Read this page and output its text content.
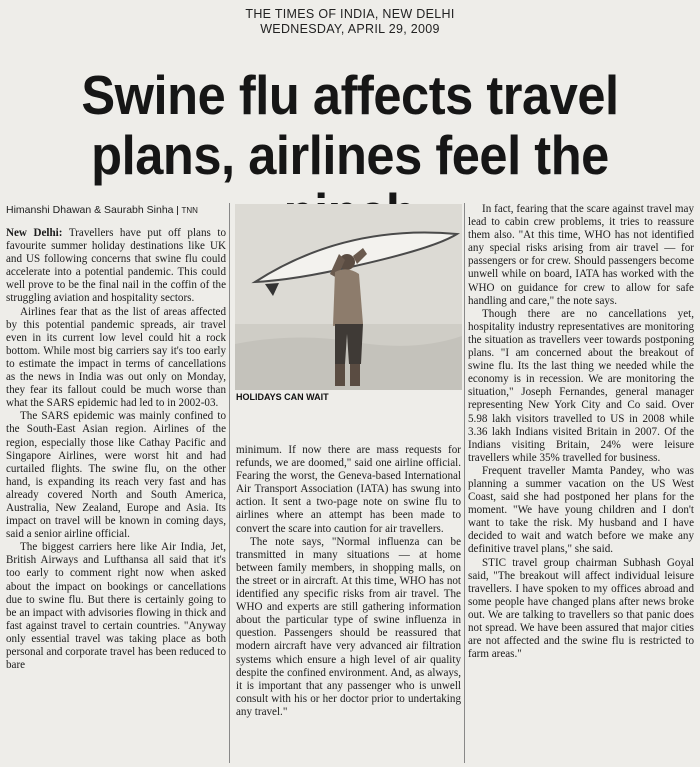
THE TIMES OF INDIA, NEW DELHI
WEDNESDAY, APRIL 29, 2009
Swine flu affects travel
plans, airlines feel the
Himanshi Dhawan & Saurabh Sinha TNN

New Delhi: Travellers have put off plans to favourite summer holiday destinations like UK and US following concerns that swine flu could accelerate into a potential pandemic. This could well prove to be the final nail in the coffin of the struggling aviation and hospitality sectors.

Airlines fear that as the list of areas affected by this potential pandemic spreads, air travel even in its current low level could hit a rock bottom. While most big carriers say it's too early to estimate the impact in terms of cancellations as the news in India was out only on Monday, they fear its fallout could be much worse than what the SARS epidemic had led to in 2002-03.

The SARS epidemic was mainly confined to the South-East Asian region. Airlines of the region, especially those like Cathay Pacific and Singapore Airlines, were worst hit and had curtailed flights. The swine flu, on the other hand, is expanding its reach very fast and has already covered North and South America, Australia, New Zealand, Europe and Asia. Its impact on travel will be known in coming days, said a senior airline official.

The biggest carriers here like Air India, Jet, British Airways and Lufthansa all said that it's too early to comment right now when asked about the impact on bookings or cancellations due to swine flu. But there is certainly going to be an impact with advisories flowing in thick and fast against travel to certain countries. "Anyway only essential travel was taking place as both personal and corporate travel has been reduced to bare

HOLIDAYS CAN WAIT

minimum. If now there are mass requests for refunds, we are doomed," said one airline official. Fearing the worst, the Geneva-based International Air Transport Association (IATA) has swung into action. It sent a two-page note on swine flu to airlines where an attempt has been made to convert the scare into caution for air travellers.

The note says, "Normal influenza can be transmitted in many situations — at home between family members, in shopping malls, on the street or in aircraft. At this time, WHO has not identified any specific risks from air travel. The WHO and experts are still gathering information about the particular type of swine influenza in question. Passengers should be reassured that modern aircraft have very advanced air filtration systems which ensure a high level of air quality despite the confined environment. And, as always, it is important that any passenger who is unwell consult with his or her doctor prior to undertaking any travel."

In fact, fearing that the scare against travel may lead to cabin crew problems, it tries to reassure them also. "At this time, WHO has not identified any special risks arising from air travel — for passengers or for crew. Should passengers become unwell while on board, IATA has worked with the WHO on guidance for crew to allow for safe handling and care," the note says.

Though there are no cancellations yet, hospitality industry representatives are monitoring the situation as travellers veer towards postponing plans. "I am concerned about the breakout of swine flu. Its the last thing we needed while the economy is in recession. We are monitoring the situation," Joseph Fernandes, general manager representing New York City and Co said. Over 5.98 lakh visitors travelled to US in 2008 while 3.36 lakh Indians visited Britain in 2007. Of the Indians visiting Britain, 24% were leisure travellers while 35% travelled for business.

Frequent traveller Mamta Pandey, who was planning a summer vacation on the US West Coast, said she had postponed her plans for the moment. "We have young children and I don't want to take the risk. My husband and I have decided to wait and watch before we make any definitive travel plans," she said.

STIC travel group chairman Subhash Goyal said, "The breakout will affect individual leisure travellers. I have spoken to my offices abroad and some people have changed plans after news broke out. We are talking to travellers so that panic does not spread. We have been assured that major cities are not affected and the swine flu is restricted to farm areas."
